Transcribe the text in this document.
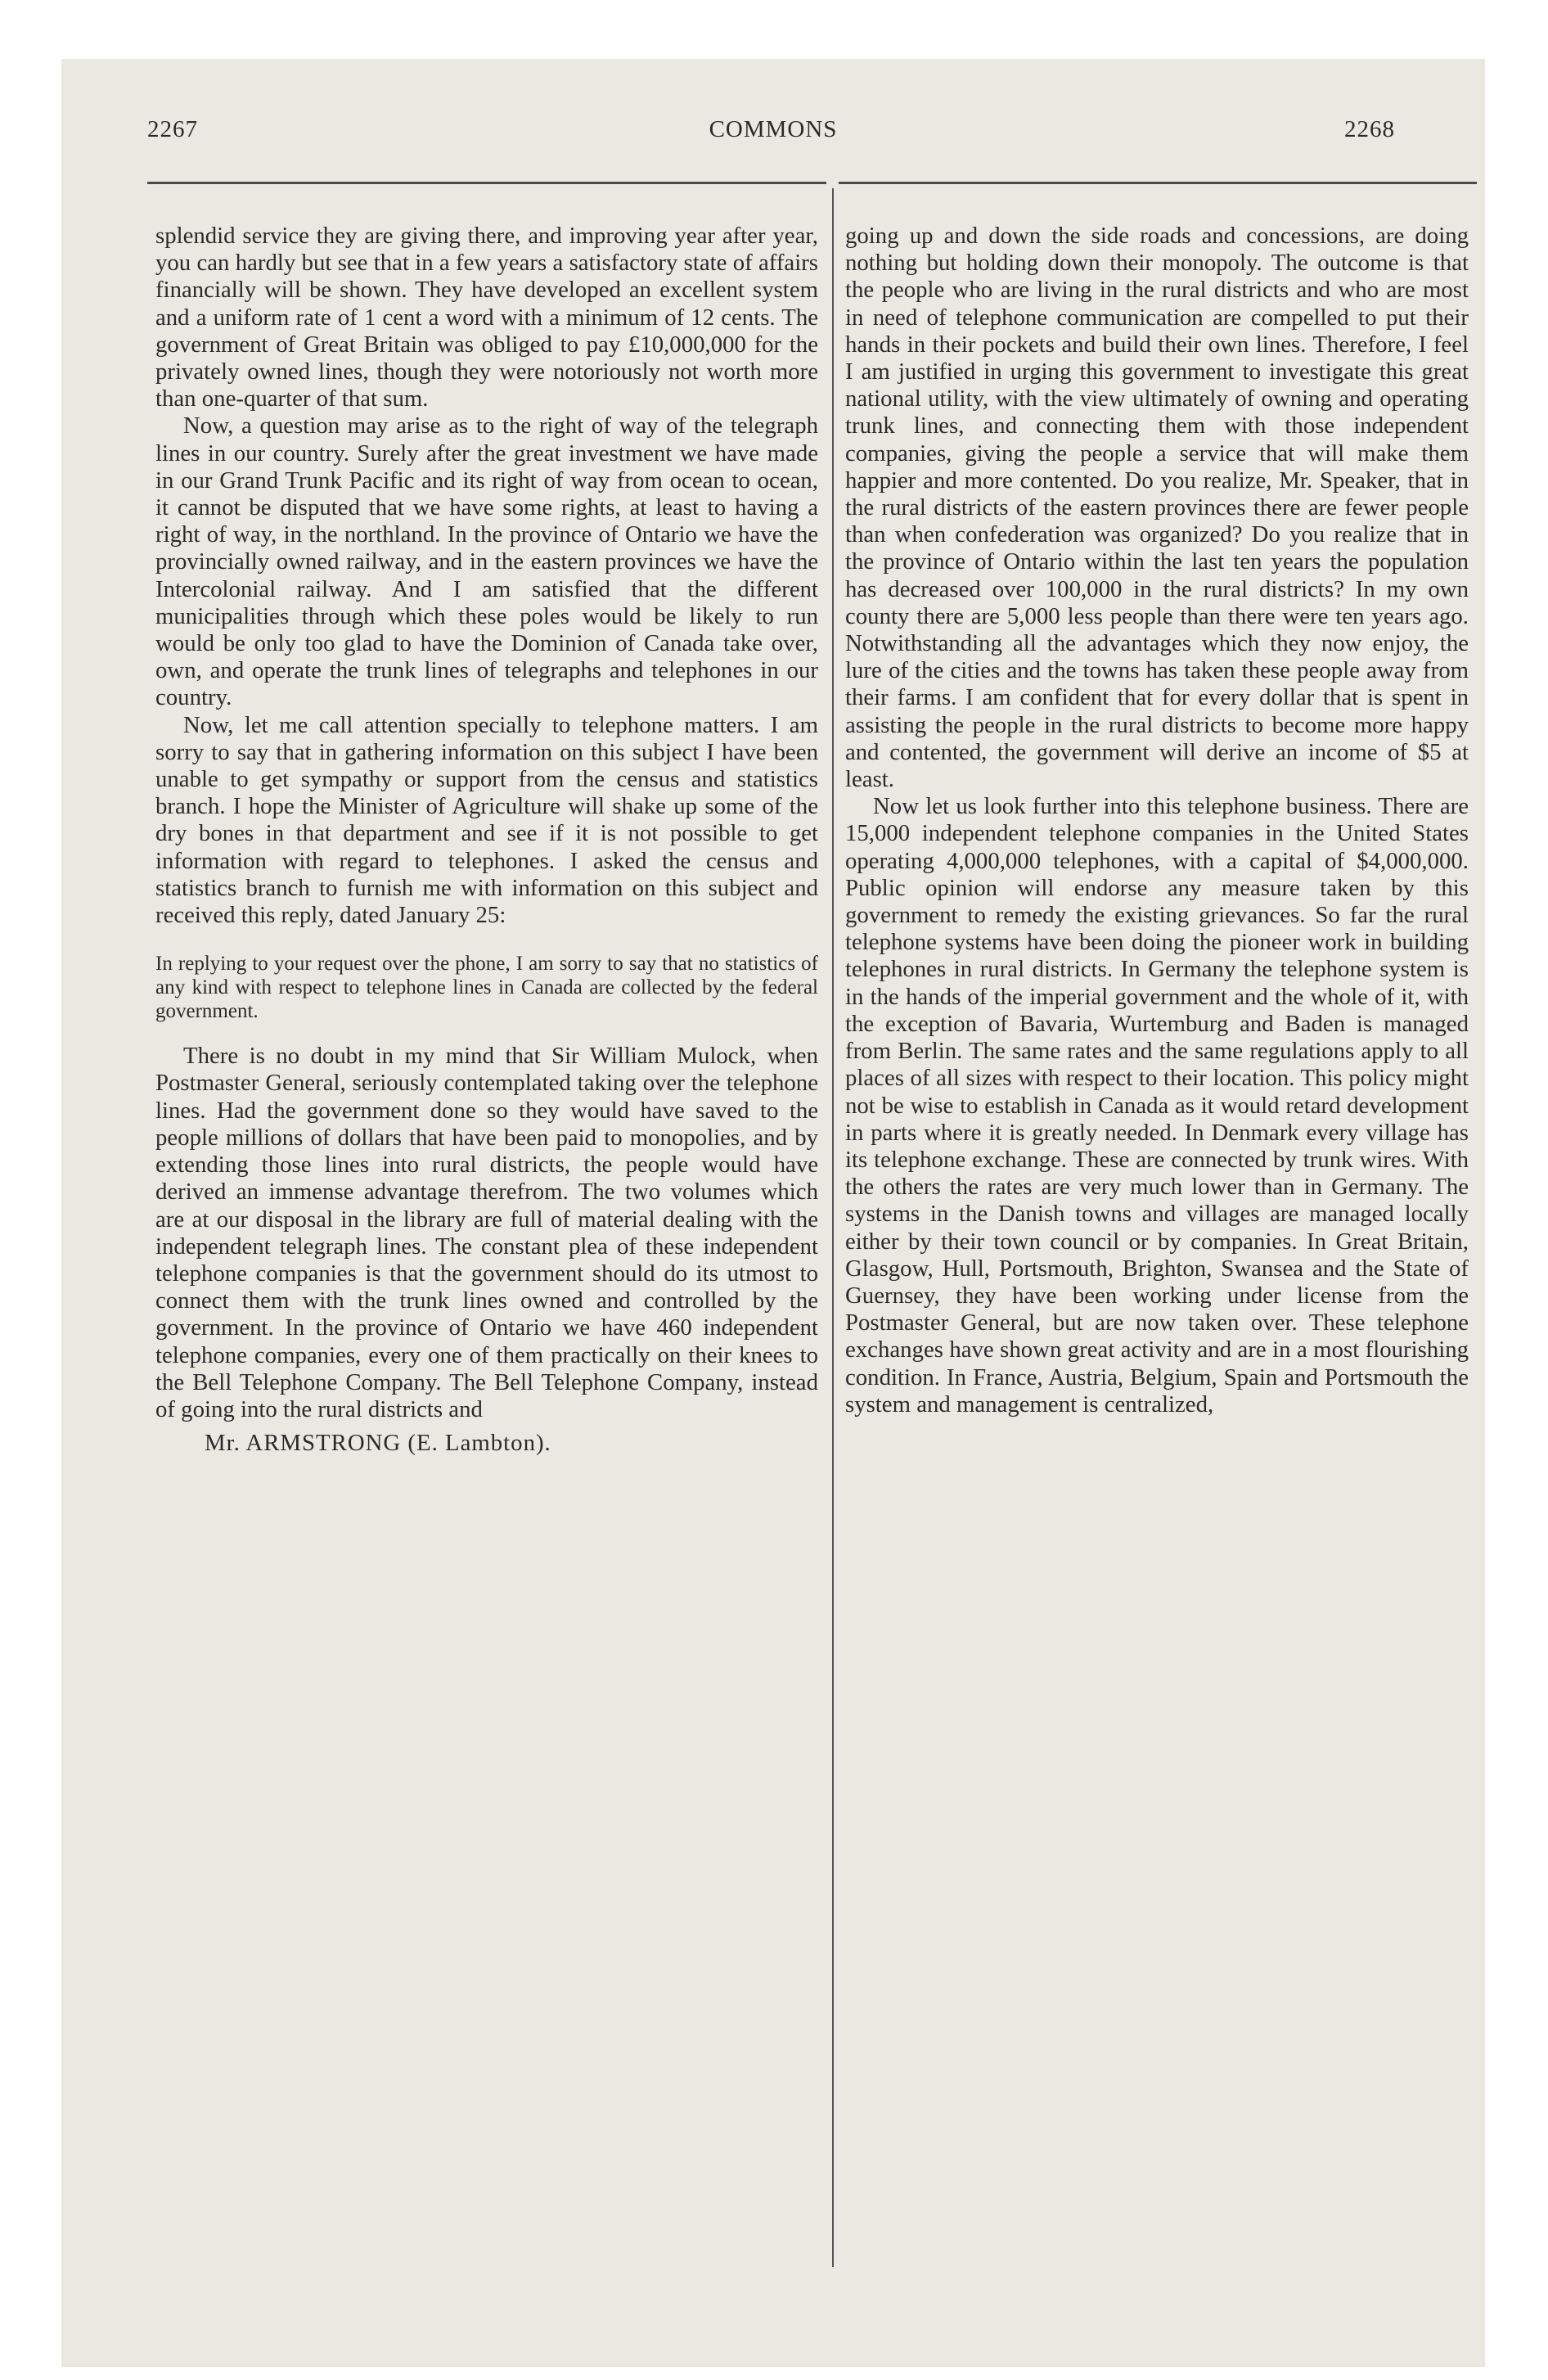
2267	COMMONS	2268

splendid service they are giving there, and improving year after year, you can hardly but see that in a few years a satisfactory state of affairs financially will be shown. They have developed an excellent system and a uniform rate of 1 cent a word with a minimum of 12 cents. The government of Great Britain was obliged to pay £10,000,000 for the privately owned lines, though they were notoriously not worth more than one-quarter of that sum.

Now, a question may arise as to the right of way of the telegraph lines in our country. Surely after the great investment we have made in our Grand Trunk Pacific and its right of way from ocean to ocean, it cannot be disputed that we have some rights, at least to having a right of way, in the northland. In the province of Ontario we have the provincially owned railway, and in the eastern provinces we have the Intercolonial railway. And I am satisfied that the different municipalities through which these poles would be likely to run would be only too glad to have the Dominion of Canada take over, own, and operate the trunk lines of telegraphs and telephones in our country.

Now, let me call attention specially to telephone matters. I am sorry to say that in gathering information on this subject I have been unable to get sympathy or support from the census and statistics branch. I hope the Minister of Agriculture will shake up some of the dry bones in that department and see if it is not possible to get information with regard to telephones. I asked the census and statistics branch to furnish me with information on this subject and received this reply, dated January 25:

In replying to your request over the phone, I am sorry to say that no statistics of any kind with respect to telephone lines in Canada are collected by the federal government.

There is no doubt in my mind that Sir William Mulock, when Postmaster General, seriously contemplated taking over the telephone lines. Had the government done so they would have saved to the people millions of dollars that have been paid to monopolies, and by extending those lines into rural districts, the people would have derived an immense advantage therefrom. The two volumes which are at our disposal in the library are full of material dealing with the independent telegraph lines. The constant plea of these independent telephone companies is that the government should do its utmost to connect them with the trunk lines owned and controlled by the government. In the province of Ontario we have 460 independent telephone companies, every one of them practically on their knees to the Bell Telephone Company. The Bell Telephone Company, instead of going into the rural districts and

Mr. ARMSTRONG (E. Lambton).

going up and down the side roads and concessions, are doing nothing but holding down their monopoly. The outcome is that the people who are living in the rural districts and who are most in need of telephone communication are compelled to put their hands in their pockets and build their own lines. Therefore, I feel I am justified in urging this government to investigate this great national utility, with the view ultimately of owning and operating trunk lines, and connecting them with those independent companies, giving the people a service that will make them happier and more contented. Do you realize, Mr. Speaker, that in the rural districts of the eastern provinces there are fewer people than when confederation was organized? Do you realize that in the province of Ontario within the last ten years the population has decreased over 100,000 in the rural districts? In my own county there are 5,000 less people than there were ten years ago. Notwithstanding all the advantages which they now enjoy, the lure of the cities and the towns has taken these people away from their farms. I am confident that for every dollar that is spent in assisting the people in the rural districts to become more happy and contented, the government will derive an income of $5 at least.

Now let us look further into this telephone business. There are 15,000 independent telephone companies in the United States operating 4,000,000 telephones, with a capital of $4,000,000. Public opinion will endorse any measure taken by this government to remedy the existing grievances. So far the rural telephone systems have been doing the pioneer work in building telephones in rural districts. In Germany the telephone system is in the hands of the imperial government and the whole of it, with the exception of Bavaria, Wurtemburg and Baden is managed from Berlin. The same rates and the same regulations apply to all places of all sizes with respect to their location. This policy might not be wise to establish in Canada as it would retard development in parts where it is greatly needed. In Denmark every village has its telephone exchange. These are connected by trunk wires. With the others the rates are very much lower than in Germany. The systems in the Danish towns and villages are managed locally either by their town council or by companies. In Great Britain, Glasgow, Hull, Portsmouth, Brighton, Swansea and the State of Guernsey, they have been working under license from the Postmaster General, but are now taken over. These telephone exchanges have shown great activity and are in a most flourishing condition. In France, Austria, Belgium, Spain and Portsmouth the system and management is centralized,
